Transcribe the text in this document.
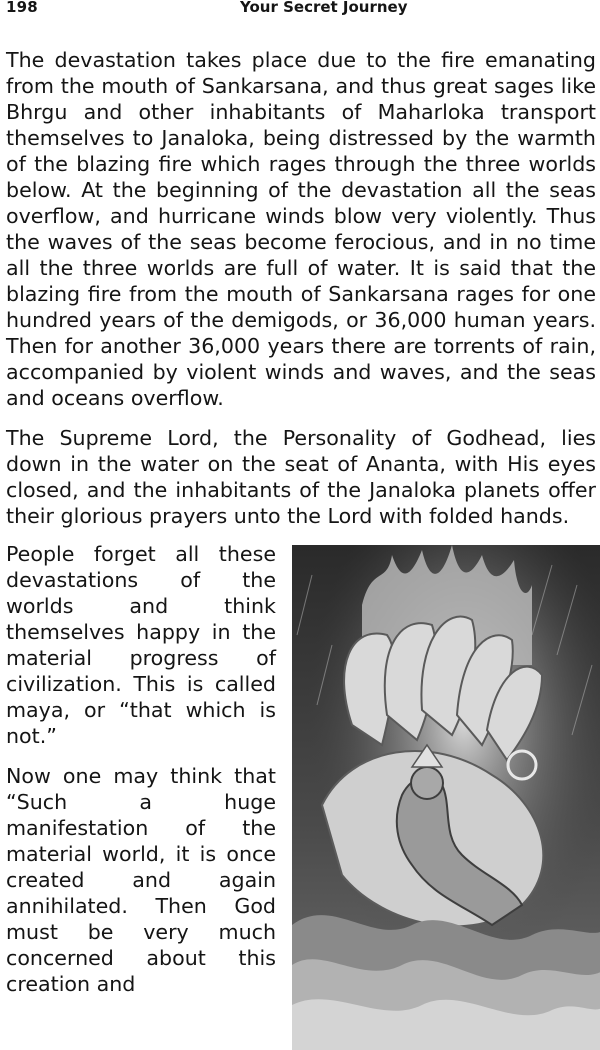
198	Your Secret Journey

The devastation takes place due to the fire emanating from the mouth of Sankarsana, and thus great sages like Bhrgu and other inhabitants of Maharloka transport themselves to Janaloka, being distressed by the warmth of the blazing fire which rages through the three worlds below. At the beginning of the devastation all the seas overflow, and hurricane winds blow very violently. Thus the waves of the seas become ferocious, and in no time all the three worlds are full of water. It is said that the blazing fire from the mouth of Sankarsana rages for one hundred years of the demigods, or 36,000 human years. Then for another 36,000 years there are torrents of rain, accompanied by violent winds and waves, and the seas and oceans overflow.

The Supreme Lord, the Personality of Godhead, lies down in the water on the seat of Ananta, with His eyes closed, and the inhabitants of the Janaloka planets offer their glorious prayers unto the Lord with folded hands.

People forget all these devastations of the worlds and think themselves happy in the material progress of civilization. This is called maya, or “that which is not.”

Now one may think that “Such a huge manifestation of the material world, it is once created and again annihilated. Then God must be very much concerned about this creation and
